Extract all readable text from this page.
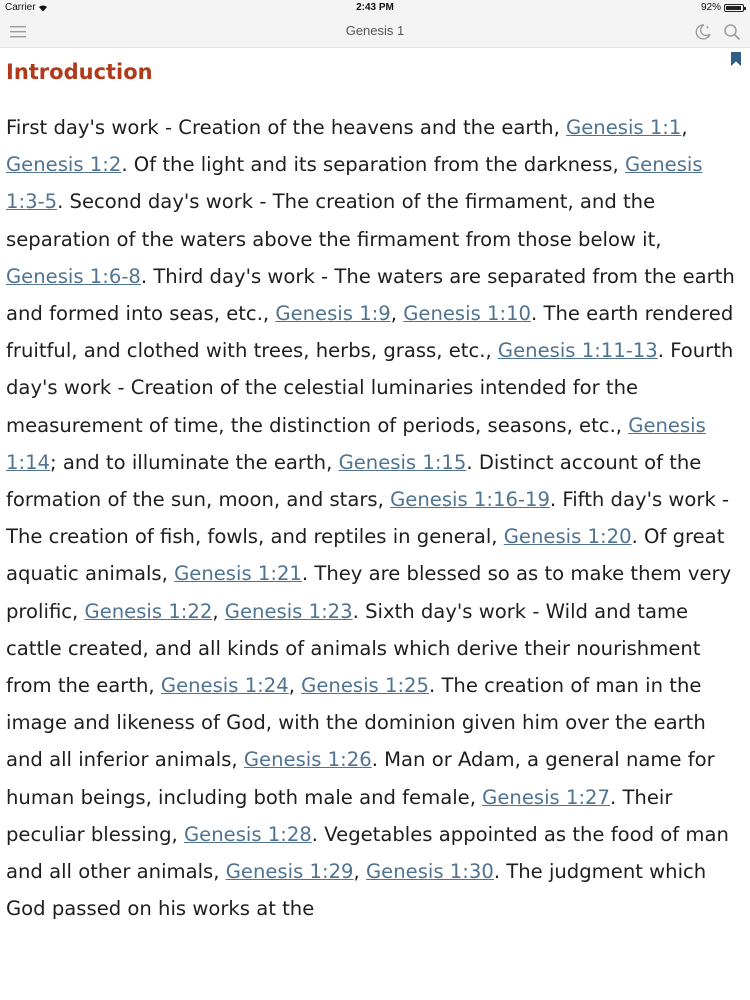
Carrier	2:43 PM	92%
Genesis 1
Introduction

First day's work - Creation of the heavens and the earth, Genesis 1:1, Genesis 1:2. Of the light and its separation from the darkness, Genesis 1:3-5. Second day's work - The creation of the firmament, and the separation of the waters above the firmament from those below it, Genesis 1:6-8. Third day's work - The waters are separated from the earth and formed into seas, etc., Genesis 1:9, Genesis 1:10. The earth rendered fruitful, and clothed with trees, herbs, grass, etc., Genesis 1:11-13. Fourth day's work - Creation of the celestial luminaries intended for the measurement of time, the distinction of periods, seasons, etc., Genesis 1:14; and to illuminate the earth, Genesis 1:15. Distinct account of the formation of the sun, moon, and stars, Genesis 1:16-19. Fifth day's work - The creation of fish, fowls, and reptiles in general, Genesis 1:20. Of great aquatic animals, Genesis 1:21. They are blessed so as to make them very prolific, Genesis 1:22, Genesis 1:23. Sixth day's work - Wild and tame cattle created, and all kinds of animals which derive their nourishment from the earth, Genesis 1:24, Genesis 1:25. The creation of man in the image and likeness of God, with the dominion given him over the earth and all inferior animals, Genesis 1:26. Man or Adam, a general name for human beings, including both male and female, Genesis 1:27. Their peculiar blessing, Genesis 1:28. Vegetables appointed as the food of man and all other animals, Genesis 1:29, Genesis 1:30. The judgment which God passed on his works at the
